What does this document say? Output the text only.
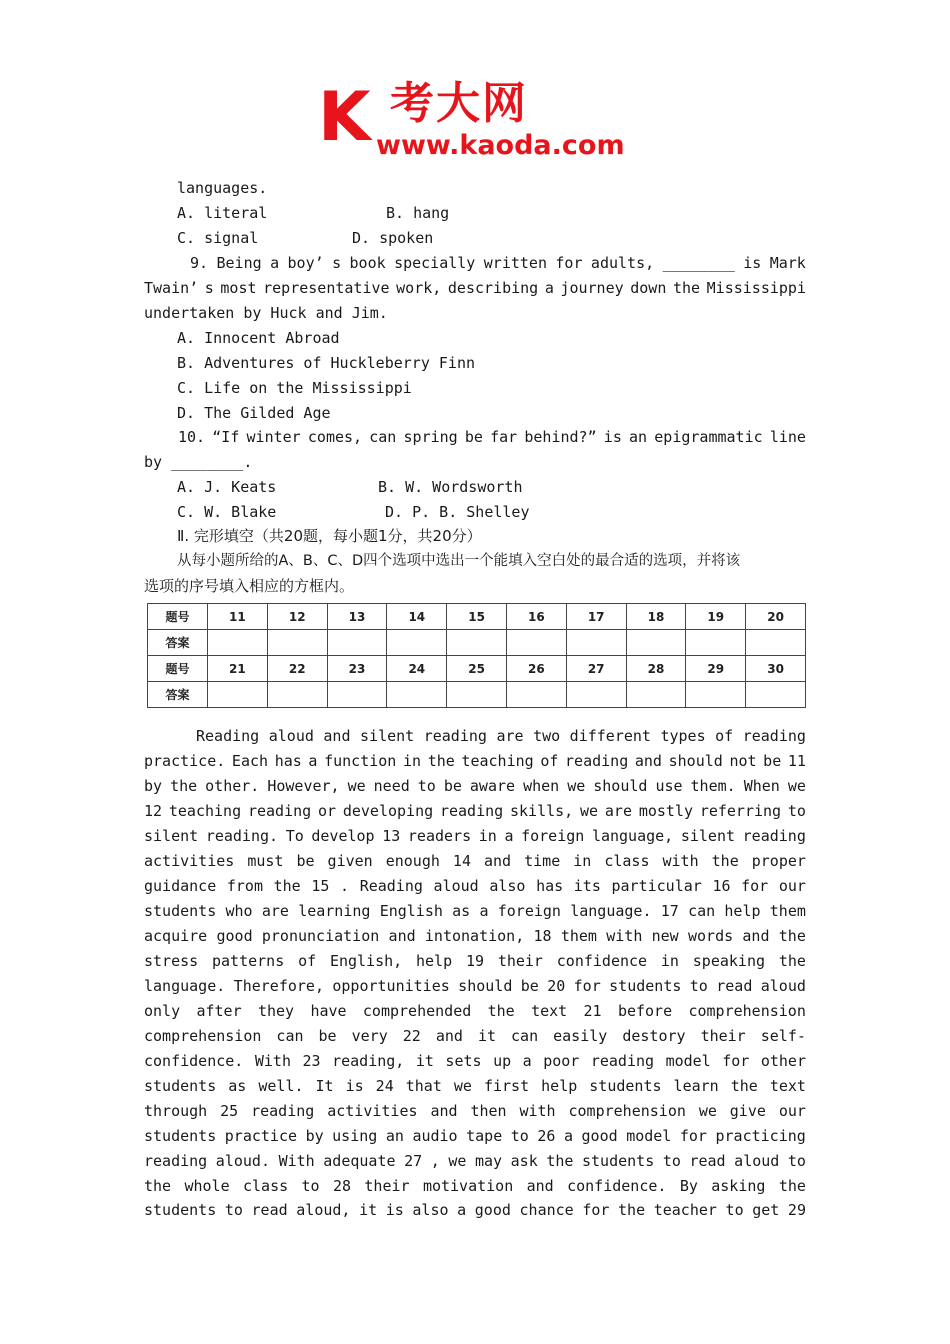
K 考大网
www.kaoda.com
languages.
A. literal	B. hang
C. signal	D. spoken
9. Being a boy’ s book specially written for adults, ________ is Mark
Twain’ s most representative work, describing a journey down the Mississippi
undertaken by Huck and Jim.
A. Innocent Abroad
B. Adventures of Huckleberry Finn
C. Life on the Mississippi
D. The Gilded Age
10. “If winter comes, can spring be far behind?” is an epigrammatic line
by ________.
A. J. Keats	B. W. Wordsworth
C. W. Blake	D. P. B. Shelley
Ⅱ. 完形填空（共20题，每小题1分，共20分）
从每小题所给的A、B、C、D四个选项中选出一个能填入空白处的最合适的选项，并将该
选项的序号填入相应的方框内。
题号	11	12	13	14	15	16	17	18	19	20
答案										
题号	21	22	23	24	25	26	27	28	29	30
答案										
Reading aloud and silent reading are two different types of reading
practice. Each has a function in the teaching of reading and should not be 11
by the other. However, we need to be aware when we should use them. When we
12 teaching reading or developing reading skills, we are mostly referring to
silent reading. To develop 13 readers in a foreign language, silent reading
activities must be given enough 14 and time in class with the proper
guidance from the 15 . Reading aloud also has its particular 16 for our
students who are learning English as a foreign language. 17 can help them
acquire good pronunciation and intonation, 18 them with new words and the
stress patterns of English, help 19 their confidence in speaking the
language. Therefore, opportunities should be 20 for students to read aloud
only after they have comprehended the text 21 before comprehension
comprehension can be very 22 and it can easily destory their self-
confidence. With 23 reading, it sets up a poor reading model for other
students as well. It is 24 that we first help students learn the text
through 25 reading activities and then with comprehension we give our
students practice by using an audio tape to 26 a good model for practicing
reading aloud. With adequate 27 , we may ask the students to read aloud to
the whole class to 28 their motivation and confidence. By asking the
students to read aloud, it is also a good chance for the teacher to get 29
